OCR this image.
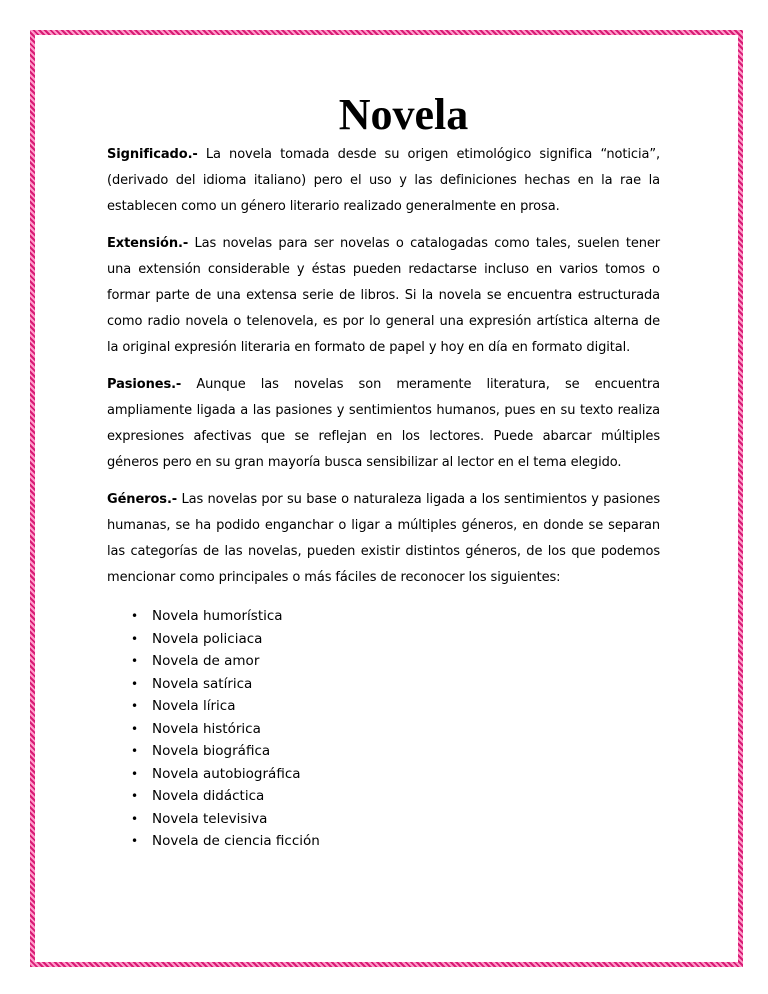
Novela

Significado.- La novela tomada desde su origen etimológico significa “noticia”, (derivado del idioma italiano) pero el uso y las definiciones hechas en la rae la establecen como un género literario realizado generalmente en prosa.

Extensión.- Las novelas para ser novelas o catalogadas como tales, suelen tener una extensión considerable y éstas pueden redactarse incluso en varios tomos o formar parte de una extensa serie de libros. Si la novela se encuentra estructurada como radio novela o telenovela, es por lo general una expresión artística alterna de la original expresión literaria en formato de papel y hoy en día en formato digital.

Pasiones.- Aunque las novelas son meramente literatura, se encuentra ampliamente ligada a las pasiones y sentimientos humanos, pues en su texto realiza expresiones afectivas que se reflejan en los lectores. Puede abarcar múltiples géneros pero en su gran mayoría busca sensibilizar al lector en el tema elegido.

Géneros.- Las novelas por su base o naturaleza ligada a los sentimientos y pasiones humanas, se ha podido enganchar o ligar a múltiples géneros, en donde se separan las categorías de las novelas, pueden existir distintos géneros, de los que podemos mencionar como principales o más fáciles de reconocer los siguientes:

• Novela humorística
• Novela policiaca
• Novela de amor
• Novela satírica
• Novela lírica
• Novela histórica
• Novela biográfica
• Novela autobiográfica
• Novela didáctica
• Novela televisiva
• Novela de ciencia ficción
